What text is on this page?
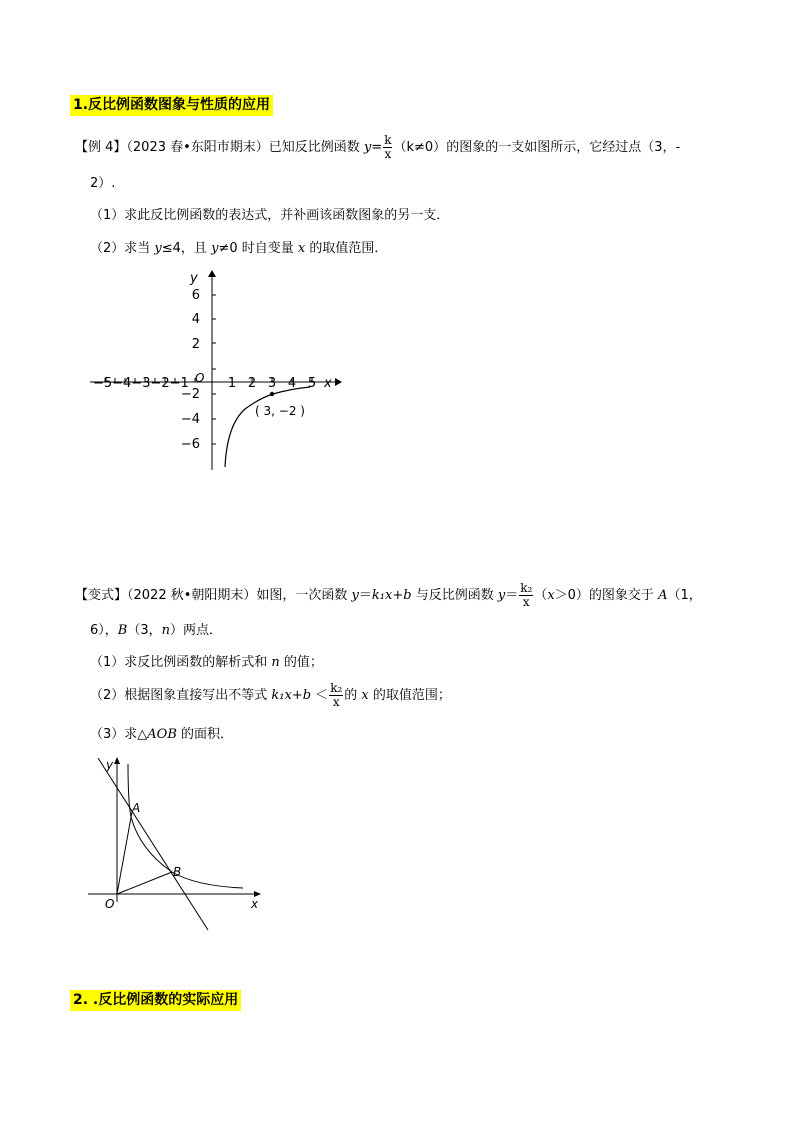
1.反比例函数图象与性质的应用
【例 4】（2023 春•东阳市期末）已知反比例函数 $y= \frac{k}{x} (k\ne 0)$的图象的一支如图所示，它经过点（3，-
2）.
（1）求此反比例函数的表达式，并补画该函数图象的另一支．
（2）求当 y≤4，且 y≠0 时自变量 x 的取值范围．
6
4
2
−2
−4
−6
−5−4−3−2−1	1 2 3 4 5 x
y
O
( 3, −2 )
【变式】（2022 秋•朝阳期末）如图，一次函数 y＝k₁x+b 与反比例函数 $y= \frac{\text{k₂}}{x} (x>0)$的图象交于 A（1，
6），B（3，n）两点．
（1）求反比例函数的解析式和 n 的值；
（2）根据图象直接写出不等式 $k_1x+b < \frac{\text{k₂}}{x}$ 的 x 的取值范围；
（3）求△AOB 的面积．
y
x
O
A
B
2. .反比例函数的实际应用
